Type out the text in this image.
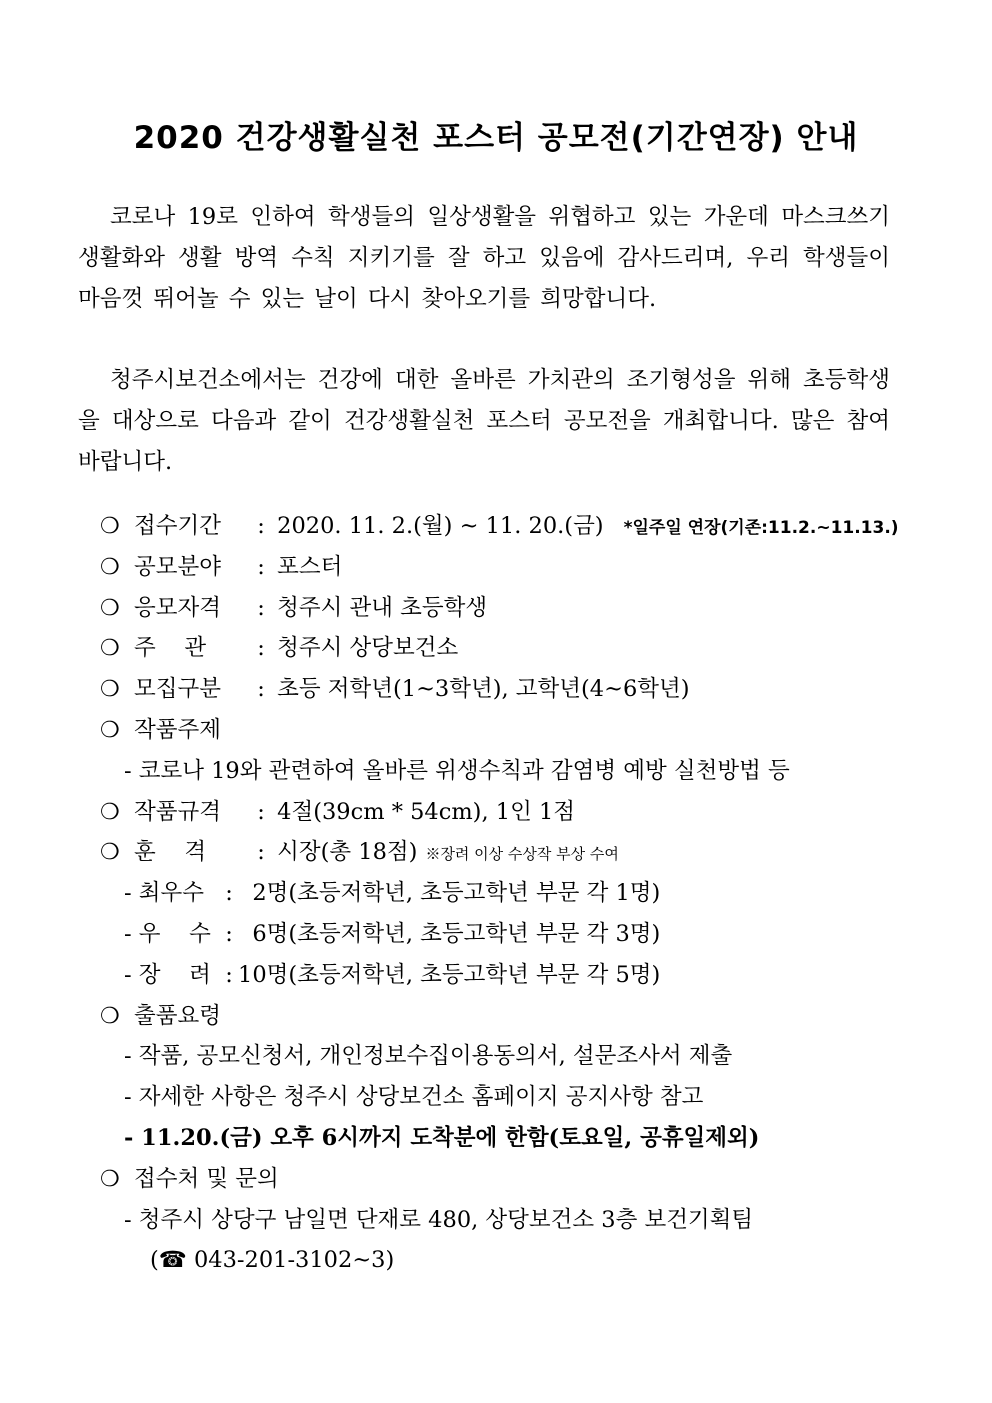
2020 건강생활실천 포스터 공모전(기간연장) 안내
코로나 19로 인하여 학생들의 일상생활을 위협하고 있는 가운데 마스크쓰기 생활화와 생활 방역 수칙 지키기를 잘 하고 있음에 감사드리며, 우리 학생들이 마음껏 뛰어놀 수 있는 날이 다시 찾아오기를 희망합니다.
청주시보건소에서는 건강에 대한 올바른 가치관의 조기형성을 위해 초등학생을 대상으로 다음과 같이 건강생활실천 포스터 공모전을 개최합니다. 많은 참여 바랍니다.
❍ 접수기간 : 2020. 11. 2.(월) ~ 11. 20.(금) *일주일 연장(기존:11.2.~11.13.)
❍ 공모분야 : 포스터
❍ 응모자격 : 청주시 관내 초등학생
❍ 주    관 : 청주시 상당보건소
❍ 모집구분 : 초등 저학년(1~3학년), 고학년(4~6학년)
❍ 작품주제
- 코로나 19와 관련하여 올바른 위생수칙과 감염병 예방 실천방법 등
❍ 작품규격 : 4절(39cm * 54cm), 1인 1점
❍ 훈    격 : 시장(총 18점) ※장려 이상 수상작 부상 수여
- 최우수 : 2명(초등저학년, 초등고학년 부문 각 1명)
- 우    수 : 6명(초등저학년, 초등고학년 부문 각 3명)
- 장    려 : 10명(초등저학년, 초등고학년 부문 각 5명)
❍ 출품요령
- 작품, 공모신청서, 개인정보수집이용동의서, 설문조사서 제출
- 자세한 사항은 청주시 상당보건소 홈페이지 공지사항 참고
- 11.20.(금) 오후 6시까지 도착분에 한함(토요일, 공휴일제외)
❍ 접수처 및 문의
- 청주시 상당구 남일면 단재로 480, 상당보건소 3층 보건기획팀
(☎ 043-201-3102~3)
